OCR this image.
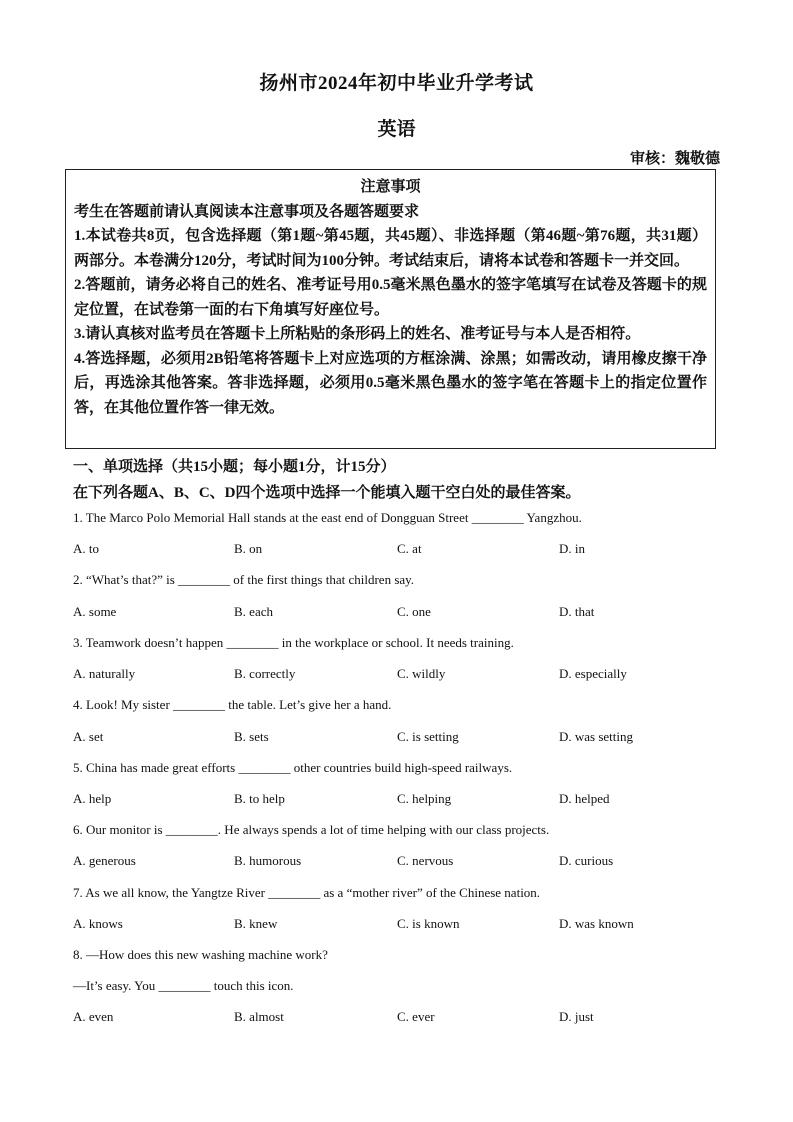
扬州市2024年初中毕业升学考试
英语
审核：魏敬德
注意事项

考生在答题前请认真阅读本注意事项及各题答题要求

1.本试卷共8页，包含选择题（第1题~第45题，共45题）、非选择题（第46题~第76题，共31题）两部分。本卷满分120分，考试时间为100分钟。考试结束后，请将本试卷和答题卡一并交回。

2.答题前，请务必将自己的姓名、准考证号用0.5毫米黑色墨水的签字笔填写在试卷及答题卡的规定位置，在试卷第一面的右下角填写好座位号。

3.请认真核对监考员在答题卡上所粘贴的条形码上的姓名、准考证号与本人是否相符。

4.答选择题，必须用2B铅笔将答题卡上对应选项的方框涂满、涂黑；如需改动，请用橡皮擦干净后，再选涂其他答案。答非选择题，必须用0.5毫米黑色墨水的签字笔在答题卡上的指定位置作答，在其他位置作答一律无效。

一、单项选择（共15小题；每小题1分，计15分）
在下列各题A、B、C、D四个选项中选择一个能填入题干空白处的最佳答案。
1. The Marco Polo Memorial Hall stands at the east end of Dongguan Street ________ Yangzhou.
A. to	B. on	C. at	D. in
2. “What’s that?” is ________ of the first things that children say.
A. some	B. each	C. one	D. that
3. Teamwork doesn’t happen ________ in the workplace or school. It needs training.
A. naturally	B. correctly	C. wildly	D. especially
4. Look! My sister ________ the table. Let’s give her a hand.
A. set	B. sets	C. is setting	D. was setting
5. China has made great efforts ________ other countries build high-speed railways.
A. help	B. to help	C. helping	D. helped
6. Our monitor is ________. He always spends a lot of time helping with our class projects.
A. generous	B. humorous	C. nervous	D. curious
7. As we all know, the Yangtze River ________ as a “mother river” of the Chinese nation.
A. knows	B. knew	C. is known	D. was known
8. —How does this new washing machine work?
—It’s easy. You ________ touch this icon.
A. even	B. almost	C. ever	D. just
